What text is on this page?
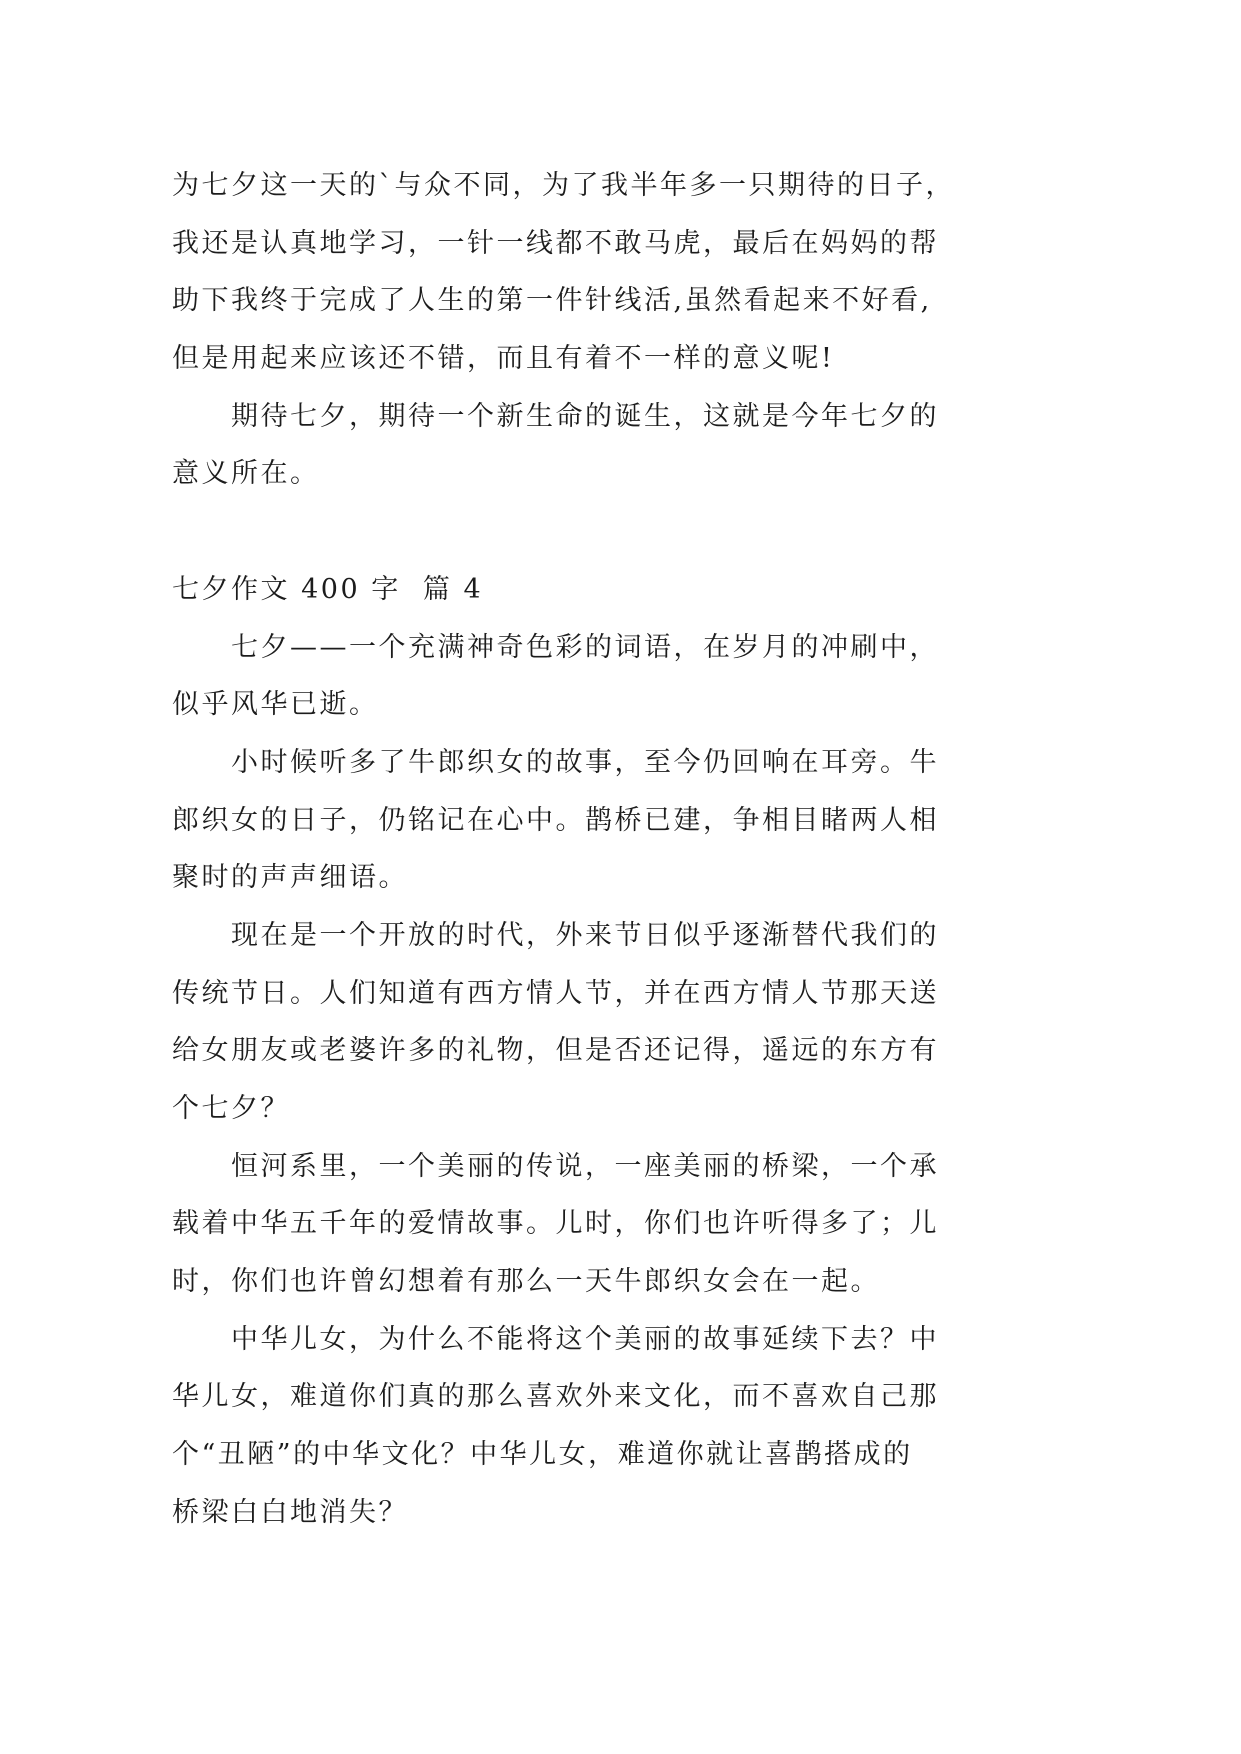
为七夕这一天的`与众不同，为了我半年多一只期待的日子，
我还是认真地学习，一针一线都不敢马虎，最后在妈妈的帮
助下我终于完成了人生的第一件针线活,虽然看起来不好看,
但是用起来应该还不错，而且有着不一样的意义呢!
期待七夕，期待一个新生命的诞生，这就是今年七夕的
意义所在。
七夕作文 400 字  篇 4
七夕——一个充满神奇色彩的词语，在岁月的冲刷中，
似乎风华已逝。
小时候听多了牛郎织女的故事，至今仍回响在耳旁。牛
郎织女的日子，仍铭记在心中。鹊桥已建，争相目睹两人相
聚时的声声细语。
现在是一个开放的时代，外来节日似乎逐渐替代我们的
传统节日。人们知道有西方情人节，并在西方情人节那天送
给女朋友或老婆许多的礼物，但是否还记得，遥远的东方有
个七夕？
恒河系里，一个美丽的传说，一座美丽的桥梁，一个承
载着中华五千年的爱情故事。儿时，你们也许听得多了；儿
时，你们也许曾幻想着有那么一天牛郎织女会在一起。
中华儿女，为什么不能将这个美丽的故事延续下去？中
华儿女，难道你们真的那么喜欢外来文化，而不喜欢自己那
个“丑陋”的中华文化？中华儿女，难道你就让喜鹊搭成的
桥梁白白地消失？
